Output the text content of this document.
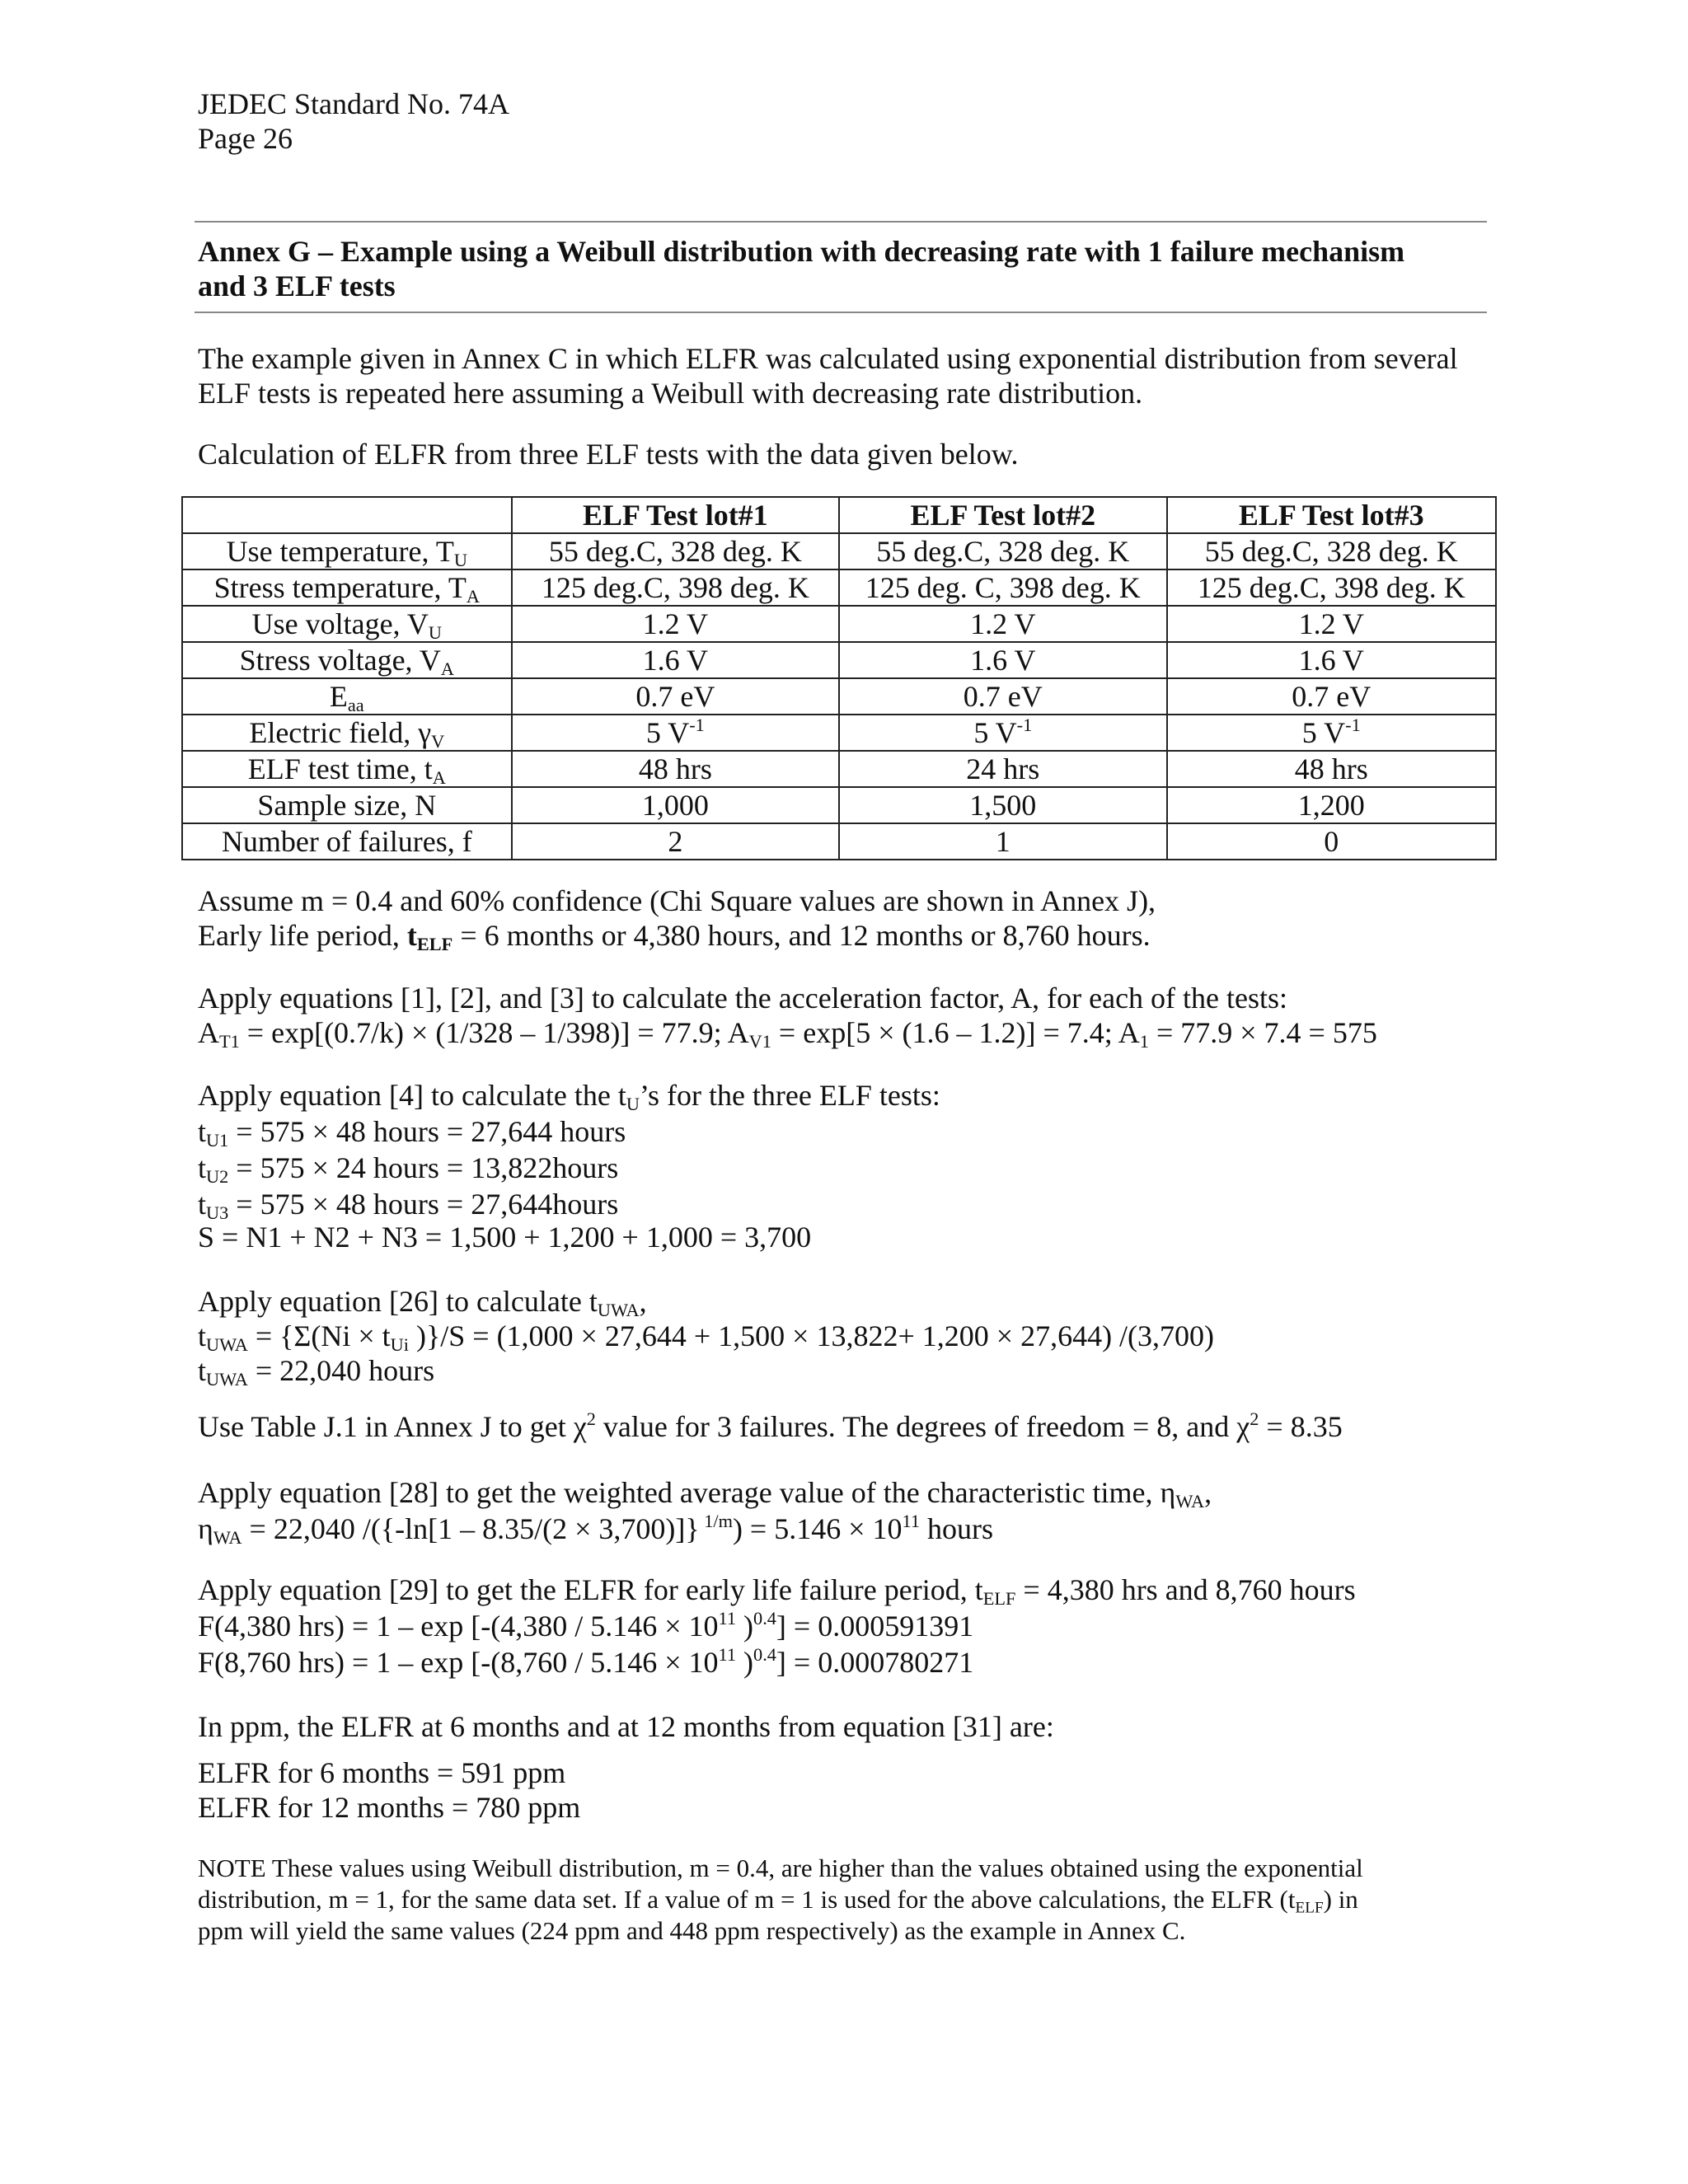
JEDEC Standard No. 74A
Page 26
Annex G – Example using a Weibull distribution with decreasing rate with 1 failure mechanism
and 3 ELF tests
The example given in Annex C in which ELFR was calculated using exponential distribution from several
ELF tests is repeated here assuming a Weibull with decreasing rate distribution.
Calculation of ELFR from three ELF tests with the data given below.
	ELF Test lot#1	ELF Test lot#2	ELF Test lot#3
Use temperature, $T_U$	55 deg.C, 328 deg. K	55 deg.C, 328 deg. K	55 deg.C, 328 deg. K
Stress temperature, $T_A$	125 deg.C, 398 deg. K	125 deg. C, 398 deg. K	125 deg.C, 398 deg. K
Use voltage, $V_U$	1.2 V	1.2 V	1.2 V
Stress voltage, $V_A$	1.6 V	1.6 V	1.6 V
$E_{aa}$	0.7 eV	0.7 eV	0.7 eV
Electric field, $\gamma_V$	5 $V^{-1}$	5 $V^{-1}$	5 $V^{-1}$
ELF test time, $t_A$	48 hrs	24 hrs	48 hrs
Sample size, N	1,000	1,500	1,200
Number of failures, f	2	1	0
Assume m = 0.4 and 60% confidence (Chi Square values are shown in Annex J),
Early life period, $t_{ELF} = 6$ months or 4,380 hours, and 12 months or 8,760 hours.
Apply equations [1], [2], and [3] to calculate the acceleration factor, A, for each of the tests:
$A_{T1} = \exp[(0.7/k) \times (1/328 - 1/398)] = 77.9$; $A_{V1} = \exp[5 \times (1.6 - 1.2)] = 7.4$; $A_1 = 77.9 \times 7.4 = 575$
Apply equation [4] to calculate the $t_U’s$ for the three ELF tests:
$t_{U1} = 575 \times 48$ hours = 27,644 hours
$t_{U2} = 575 \times 24$ hours = 13,822hours
$t_{U3} = 575 \times 48$ hours = 27,644hours
S = N1 + N2 + N3 = 1,500 + 1,200 + 1,000 = 3,700
Apply equation [26] to calculate $t_{UWA}$,
$t_{UWA} = \{\Sigma(Ni \times t_{Ui}$ )}/S = (1,000 × 27,644 + 1,500 × 13,822+ 1,200 × 27,644) /(3,700)
$t_{UWA} = 22,040$ hours
Use Table J.1 in Annex J to get $\chi^2$ value for 3 failures. The degrees of freedom = 8, and $\chi^2 = 8.35$
Apply equation [28] to get the weighted average value of the characteristic time, $\eta_{WA}$,
$\eta_{WA} = 22,040$ /({-ln[1 – 8.35/(2 × 3,700)]} $^{1/m}) = 5.146 \times 10^{11}$ hours
Apply equation [29] to get the ELFR for early life failure period, $t_{ELF} = 4,380$ hrs and 8,760 hours
F(4,380 $hrs) = 1 - \exp [-(4,380 / 5.146 \times 10^{11}$ )$^{0.4}$] = 0.000591391
F(8,760 $hrs) = 1 - \exp [-(8,760 / 5.146 \times 10^{11}$ )$^{0.4}$] = 0.000780271
In ppm, the ELFR at 6 months and at 12 months from equation [31] are:
ELFR for 6 months = 591 ppm
ELFR for 12 months = 780 ppm
NOTE These values using Weibull distribution, m = 0.4, are higher than the values obtained using the exponential
distribution, m = 1, for the same data set. If a value of m = 1 is used for the above calculations, the ELFR $(t_{ELF})$ in
ppm will yield the same values (224 ppm and 448 ppm respectively) as the example in Annex C.
